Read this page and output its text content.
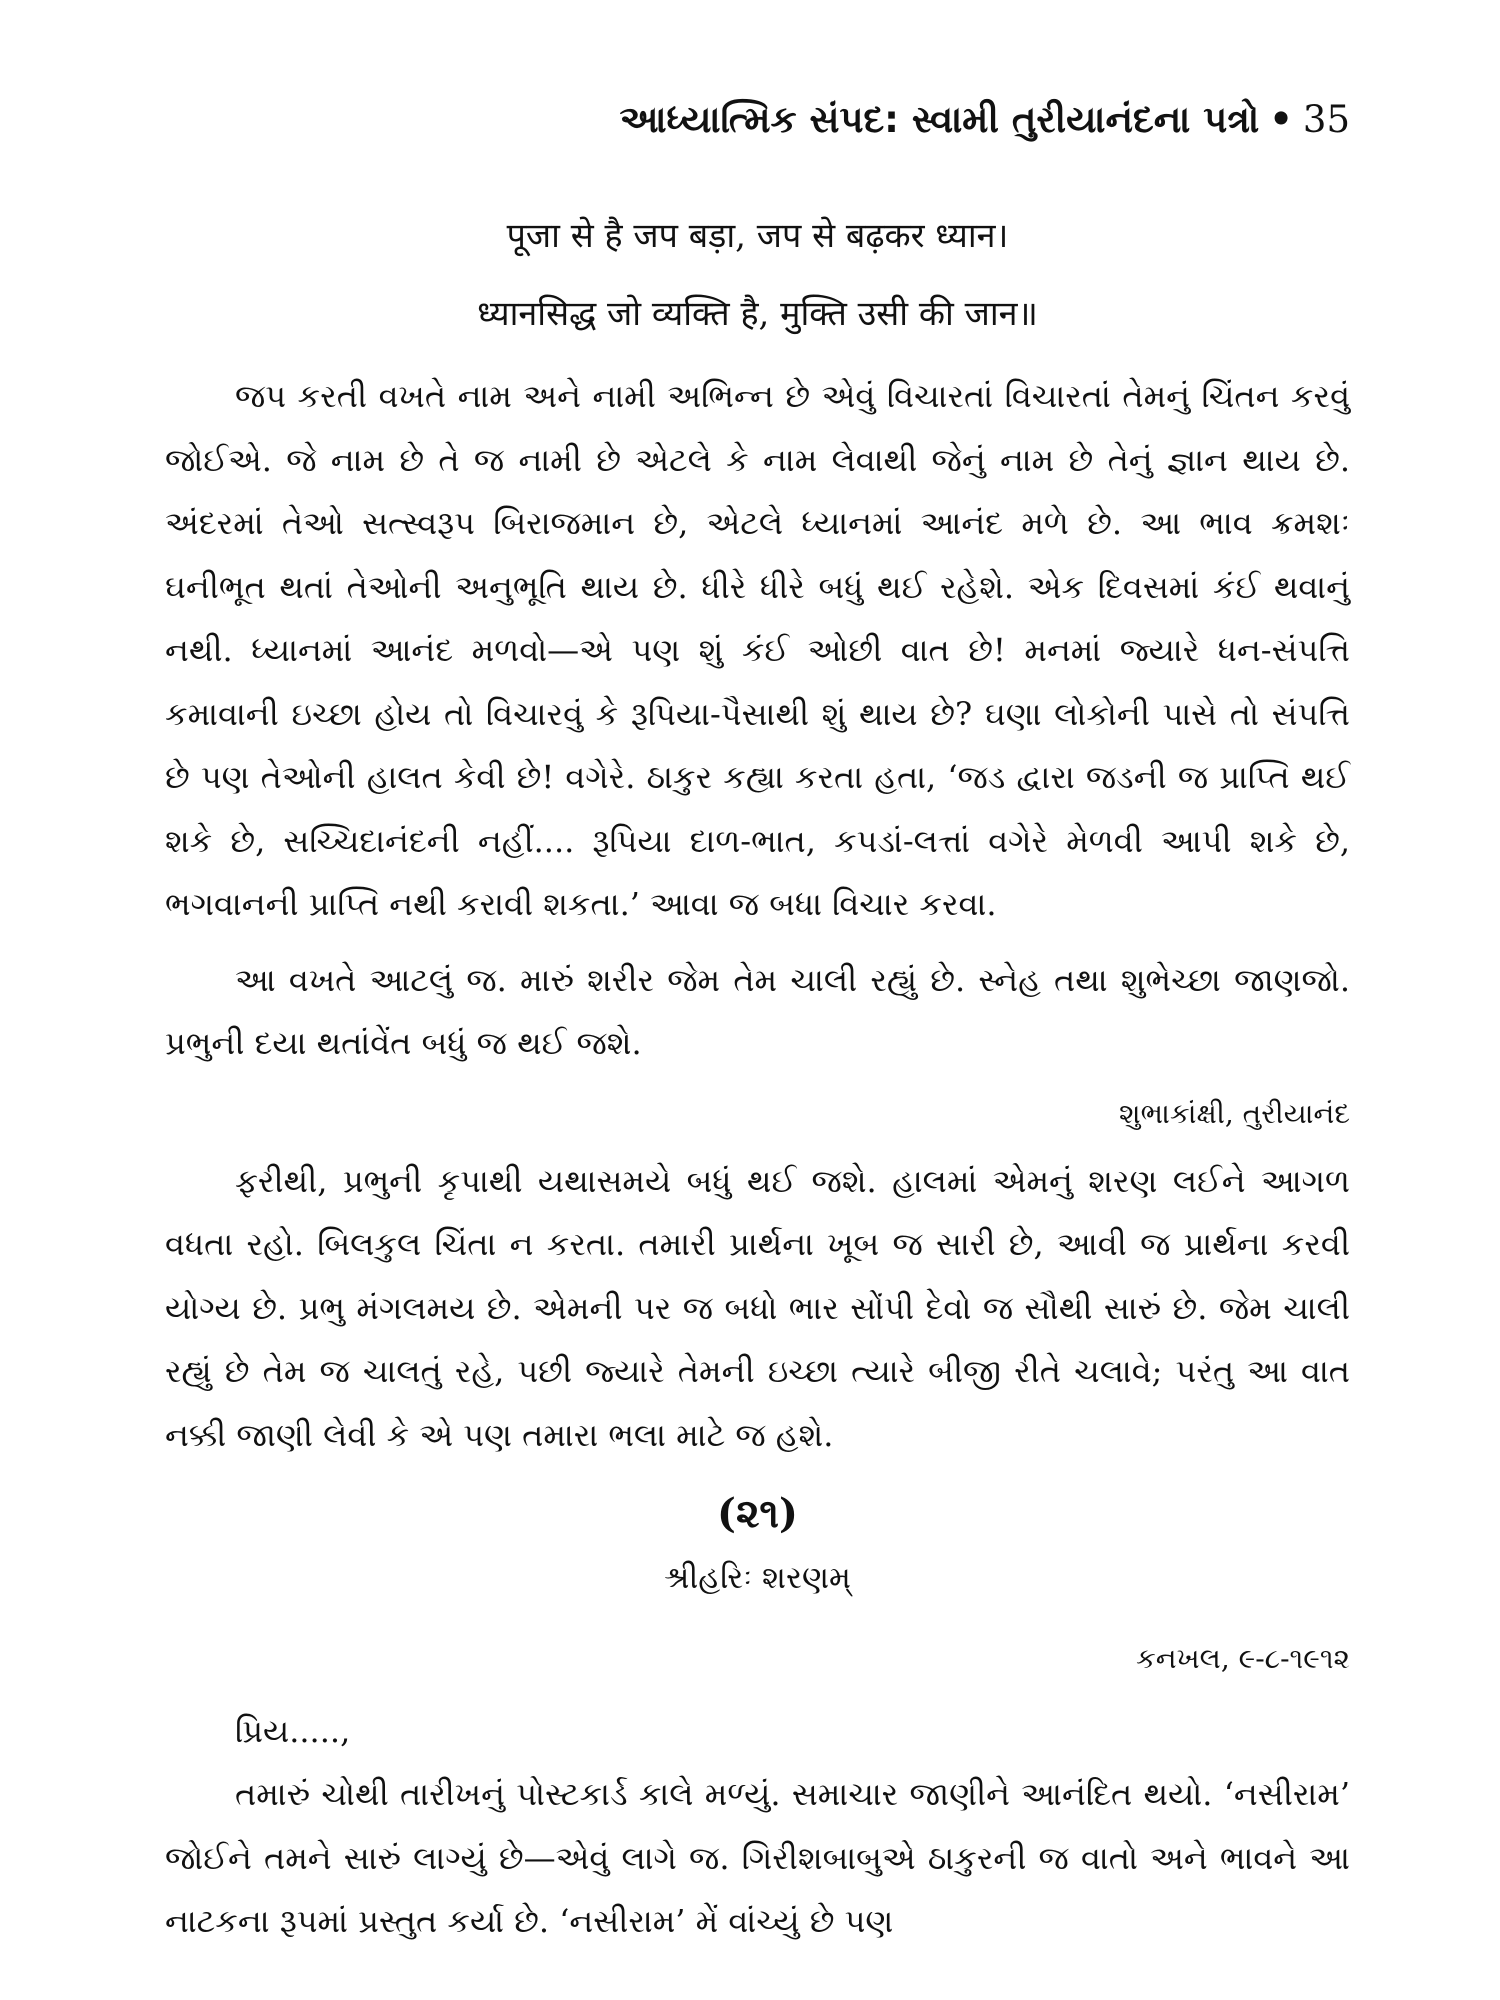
આધ્યાત્મિક સંપદ: સ્વામી તુરીયાનંદના પત્રો • 35
पूजा से है जप बड़ा, जप से बढ़कर ध्यान।
ध्यानसिद्ध जो व्यक्ति है, मुक्ति उसी की जान॥

જપ કરતી વખતે નામ અને નામી અભિન્ન છે એવું વિચારતાં વિચારતાં તેમનું ચિંતન કરવું જોઈએ. જે નામ છે તે જ નામી છે એટલે કે નામ લેવાથી જેનું નામ છે તેનું જ્ઞાન થાય છે. અંદરમાં તેઓ સત્સ્વરૂપ બિરાજમાન છે, એટલે ધ્યાનમાં આનંદ મળે છે. આ ભાવ ક્રમશઃ ઘનીભૂત થતાં તેઓની અનુભૂતિ થાય છે. ધીરે ધીરે બધું થઈ રહેશે. એક દિવસમાં કંઈ થવાનું નથી. ધ્યાનમાં આનંદ મળવો—એ પણ શું કંઈ ઓછી વાત છે! મનમાં જ્યારે ધન-સંપત્તિ કમાવાની ઇચ્છા હોય તો વિચારવું કે રૂપિયા-પૈસાથી શું થાય છે? ઘણા લોકોની પાસે તો સંપત્તિ છે પણ તેઓની હાલત કેવી છે! વગેરે. ઠાકુર કહ્યા કરતા હતા, ‘જડ દ્વારા જડની જ પ્રાપ્તિ થઈ શકે છે, સચ્ચિદાનંદની નહીં.... રૂપિયા દાળ-ભાત, કપડાં-લત્તાં વગેરે મેળવી આપી શકે છે, ભગવાનની પ્રાપ્તિ નથી કરાવી શકતા.’ આવા જ બધા વિચાર કરવા.

આ વખતે આટલું જ. મારું શરીર જેમ તેમ ચાલી રહ્યું છે. સ્નેહ તથા શુભેચ્છા જાણજો. પ્રભુની દયા થતાંવેંત બધું જ થઈ જશે.

શુભાકાંક્ષી, તુરીયાનંદ

ફરીથી, પ્રભુની કૃપાથી યથાસમયે બધું થઈ જશે. હાલમાં એમનું શરણ લઈને આગળ વધતા રહો. બિલકુલ ચિંતા ન કરતા. તમારી પ્રાર્થના ખૂબ જ સારી છે, આવી જ પ્રાર્થના કરવી યોગ્ય છે. પ્રભુ મંગલમય છે. એમની પર જ બધો ભાર સોંપી દેવો જ સૌથી સારું છે. જેમ ચાલી રહ્યું છે તેમ જ ચાલતું રહે, પછી જ્યારે તેમની ઇચ્છા ત્યારે બીજી રીતે ચલાવે; પરંતુ આ વાત નક્કી જાણી લેવી કે એ પણ તમારા ભલા માટે જ હશે.

(૨૧)
શ્રીહરિઃ શરણમ્
કનખલ, ૯-૮-૧૯૧૨
પ્રિય.....,

તમારું ચોથી તારીખનું પોસ્ટકાર્ડ કાલે મળ્યું. સમાચાર જાણીને આનંદિત થયો. ‘નસીરામ’ જોઈને તમને સારું લાગ્યું છે—એવું લાગે જ. ગિરીશબાબુએ ઠાકુરની જ વાતો અને ભાવને આ નાટકના રૂપમાં પ્રસ્તુત કર્યા છે. ‘નસીરામ’ મેં વાંચ્યું છે પણ
